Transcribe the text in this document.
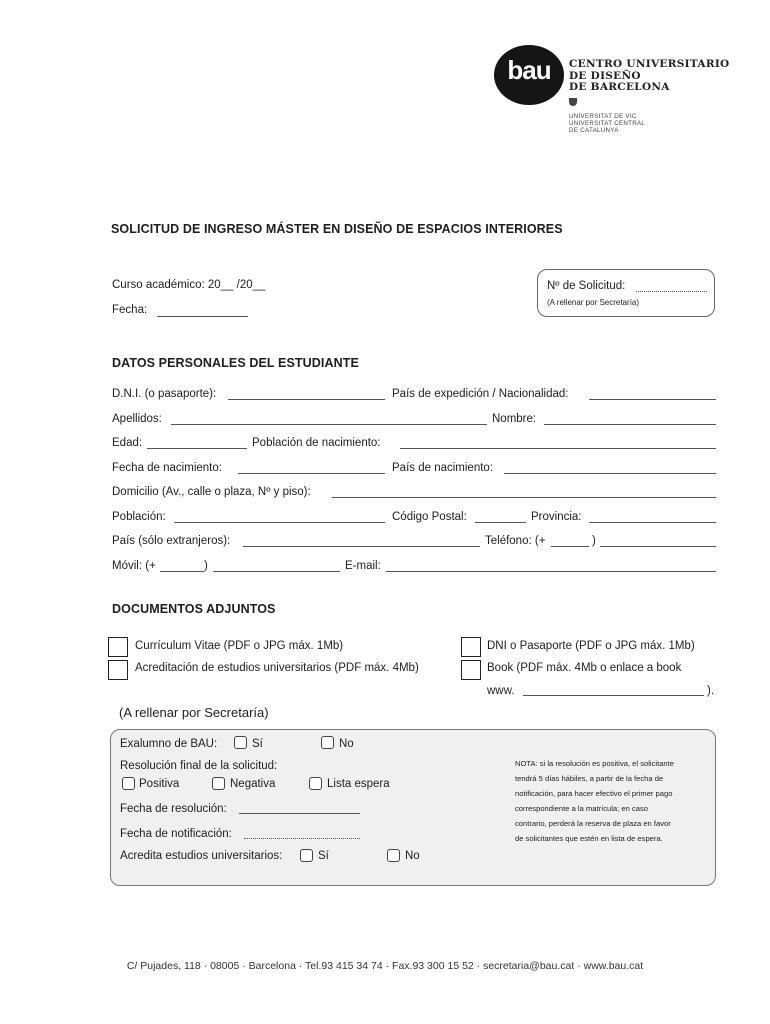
bau	CENTRO UNIVERSITARIO
DE DISEÑO
DE BARCELONA
UNIVERSITAT DE VIC
UNIVERSITAT CENTRAL
DE CATALUNYA
SOLICITUD DE INGRESO MÁSTER EN DISEÑO DE ESPACIOS INTERIORES
Curso académico: 20__ /20__
Fecha:
Nº de Solicitud:
(A rellenar por Secretaría)
DATOS PERSONALES DEL ESTUDIANTE
D.N.I. (o pasaporte):	País de expedición / Nacionalidad:
Apellidos:	Nombre:
Edad:	Población de nacimiento:
Fecha de nacimiento:	País de nacimiento:
Domicilio (Av., calle o plaza, Nº y piso):
Población:	Código Postal:	Provincia:
País (sólo extranjeros):	Teléfono: (+	)
Móvil: (+	)	E-mail:
DOCUMENTOS ADJUNTOS
Currículum Vitae (PDF o JPG máx. 1Mb)
Acreditación de estudios universitarios (PDF máx. 4Mb)
DNI o Pasaporte (PDF o JPG máx. 1Mb)
Book (PDF máx. 4Mb o enlace a book
www.	).
(A rellenar por Secretaría)
Exalumno de BAU:	Sí	No
Resolución final de la solicitud:
Positiva	Negativa	Lista espera
Fecha de resolución:
Fecha de notificación:
Acredita estudios universitarios:	Sí	No
NOTA: si la resolución es positiva, el solicitante
tendrá 5 días hábiles, a partir de la fecha de
notificación, para hacer efectivo el primer pago
correspondiente a la matrícula; en caso
contrario, perderá la reserva de plaza en favor
de solicitantes que estén en lista de espera.
C/ Pujades, 118 · 08005 · Barcelona · Tel.93 415 34 74 · Fax.93 300 15 52 · secretaria@bau.cat · www.bau.cat
